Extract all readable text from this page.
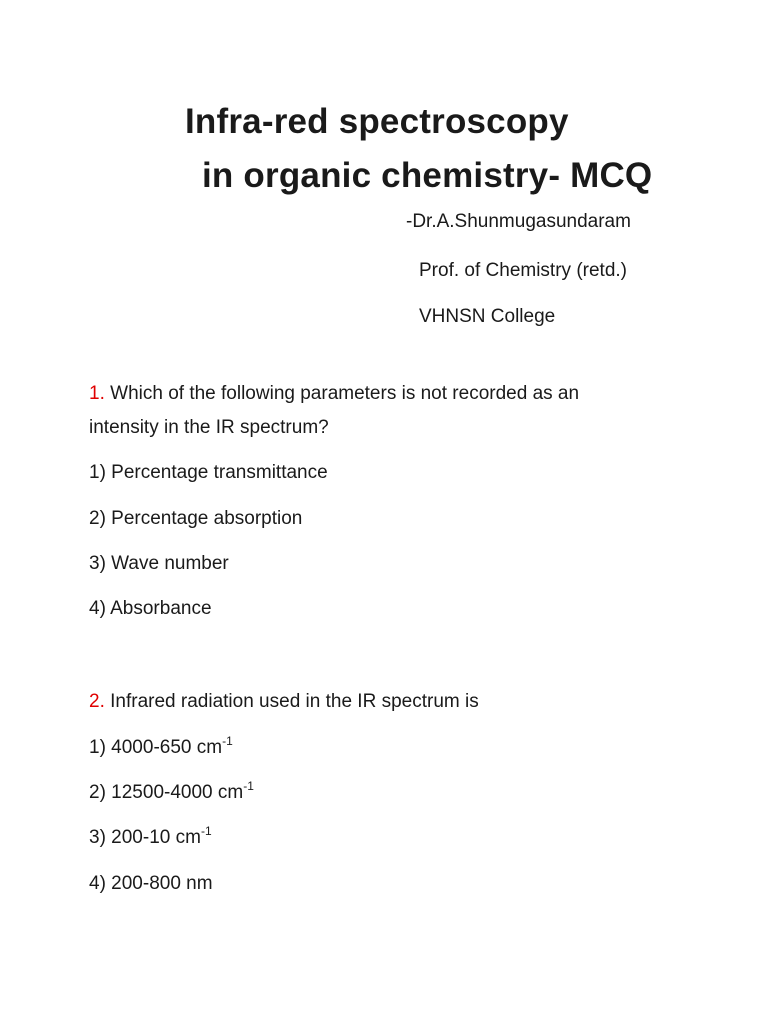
Infra-red spectroscopy
in organic chemistry- MCQ
-Dr.A.Shunmugasundaram
Prof. of Chemistry (retd.)
VHNSN College
1. Which of the following parameters is not recorded as an
intensity in the IR spectrum?
1) Percentage transmittance
2) Percentage absorption
3) Wave number
4) Absorbance
2. Infrared radiation used in the IR spectrum is
1) 4000-650 $cm^{-1}$
2) 12500-4000 $cm^{-1}$
3) 200-10 $cm^{-1}$
4) 200-800 nm
